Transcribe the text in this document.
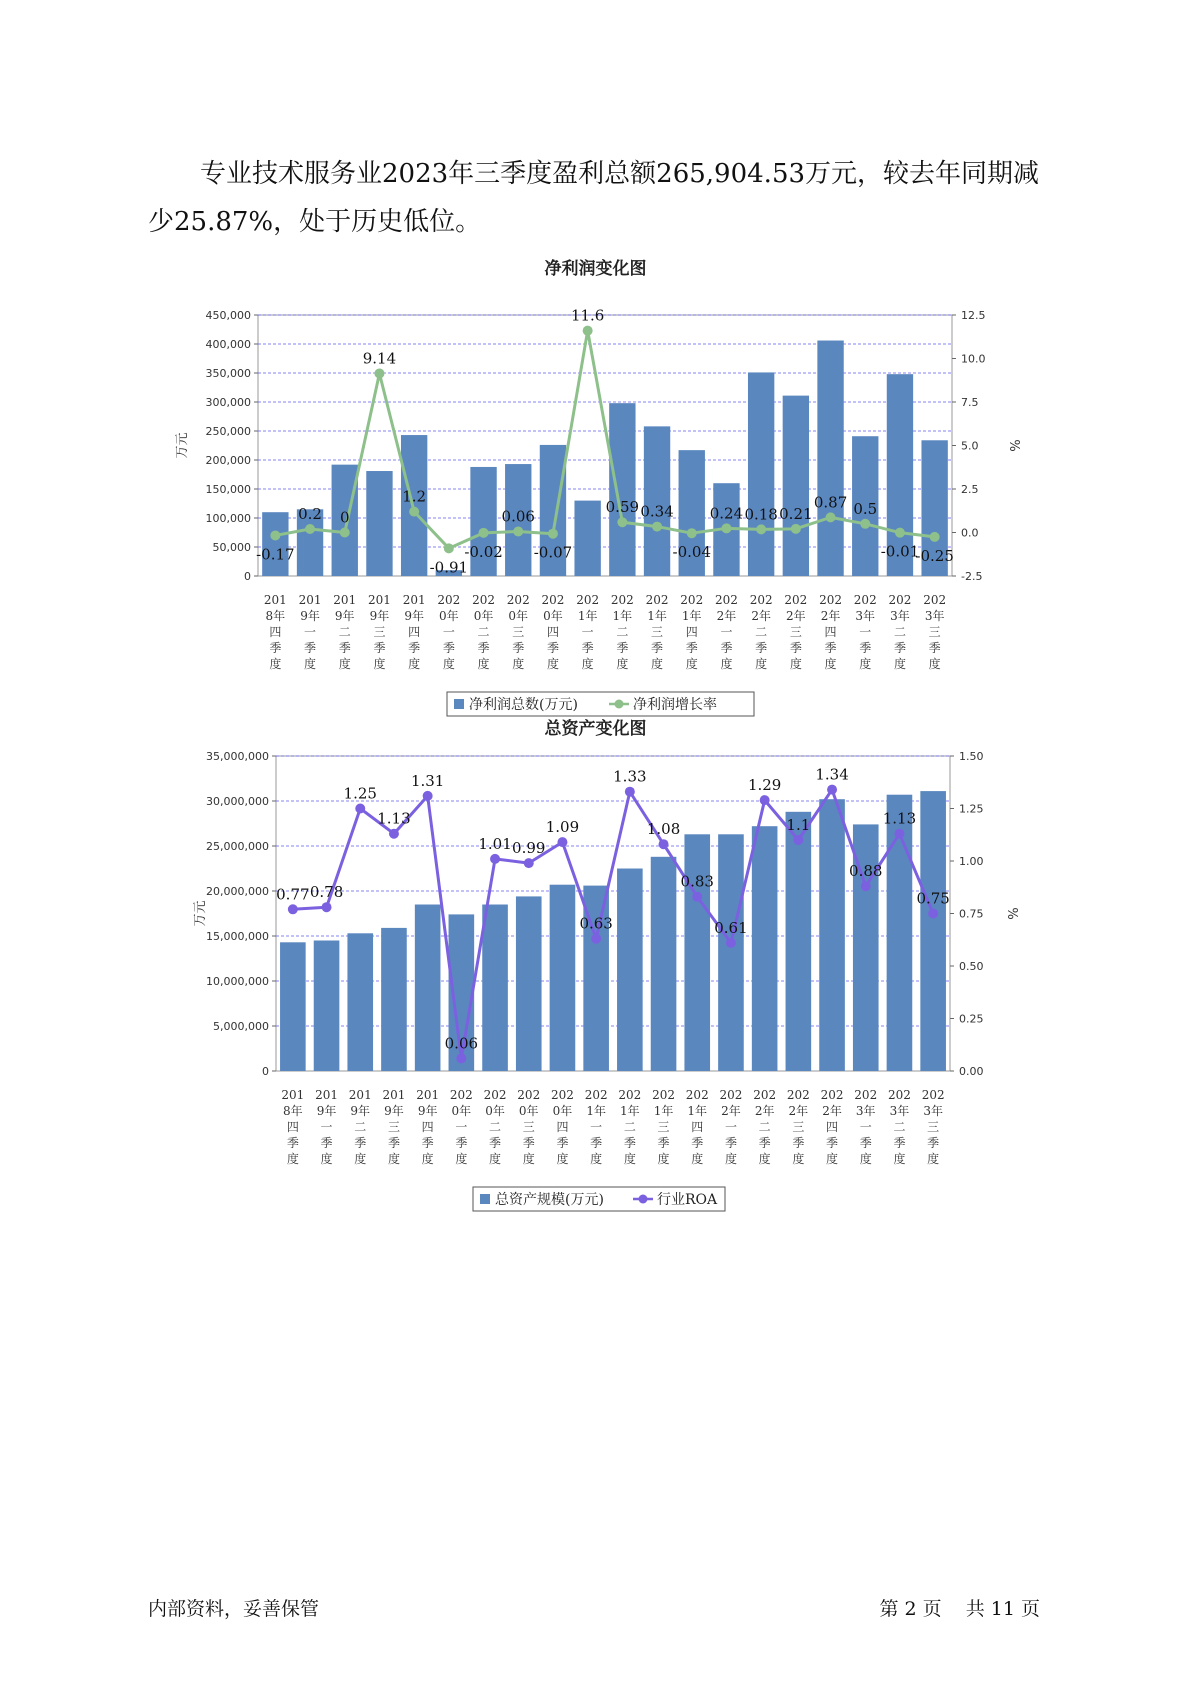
专业技术服务业2023年三季度盈利总额265,904.53万元，较去年同期减少25.87%，处于历史低位。

净利润变化图
450,000
400,000
350,000
300,000
250,000
200,000
150,000
100,000
50,000
0
12.5
10.0
7.5
5.0
2.5
0.0
-2.5
万元	%
-0.17
0.2 0
9.14
1.2
-0.91
-0.02
0.06
-0.07
11.6
0.59 0.34
-0.04
0.24 0.18 0.21
0.87 0.5
-0.01
-0.25
201
8年
四
季
度
201
9年
一
季
度
201
9年
二
季
度
201
9年
三
季
度
201
9年
四
季
度
202
0年
一
季
度
202
0年
二
季
度
202
0年
三
季
度
202
0年
四
季
度
202
1年
一
季
度
202
1年
二
季
度
202
1年
三
季
度
202
1年
四
季
度
202
2年
一
季
度
202
2年
二
季
度
202
2年
三
季
度
202
2年
四
季
度
202
3年
一
季
度
202
3年
二
季
度
202
3年
三
季
度
净利润总数(万元)	净利润增长率
总资产变化图
35,000,000
30,000,000
25,000,000
20,000,000
15,000,000
10,000,000
5,000,000
0
1.50
1.25
1.00
0.75
0.50
0.25
0.00
万元	%
0.77 0.78
1.25
1.13
1.31
0.06
1.01 0.99
1.09
0.63
1.33
1.08
0.83
0.61
1.29
1.1
1.34
0.88
1.13
0.75
201
8年
四
季
度
201
9年
一
季
度
201
9年
二
季
度
201
9年
三
季
度
201
9年
四
季
度
202
0年
一
季
度
202
0年
二
季
度
202
0年
三
季
度
202
0年
四
季
度
202
1年
一
季
度
202
1年
二
季
度
202
1年
三
季
度
202
1年
四
季
度
202
2年
一
季
度
202
2年
二
季
度
202
2年
三
季
度
202
2年
四
季
度
202
3年
一
季
度
202
3年
二
季
度
202
3年
三
季
度
总资产规模(万元)	行业ROA
内部资料，妥善保管	第 2 页 共 11 页
